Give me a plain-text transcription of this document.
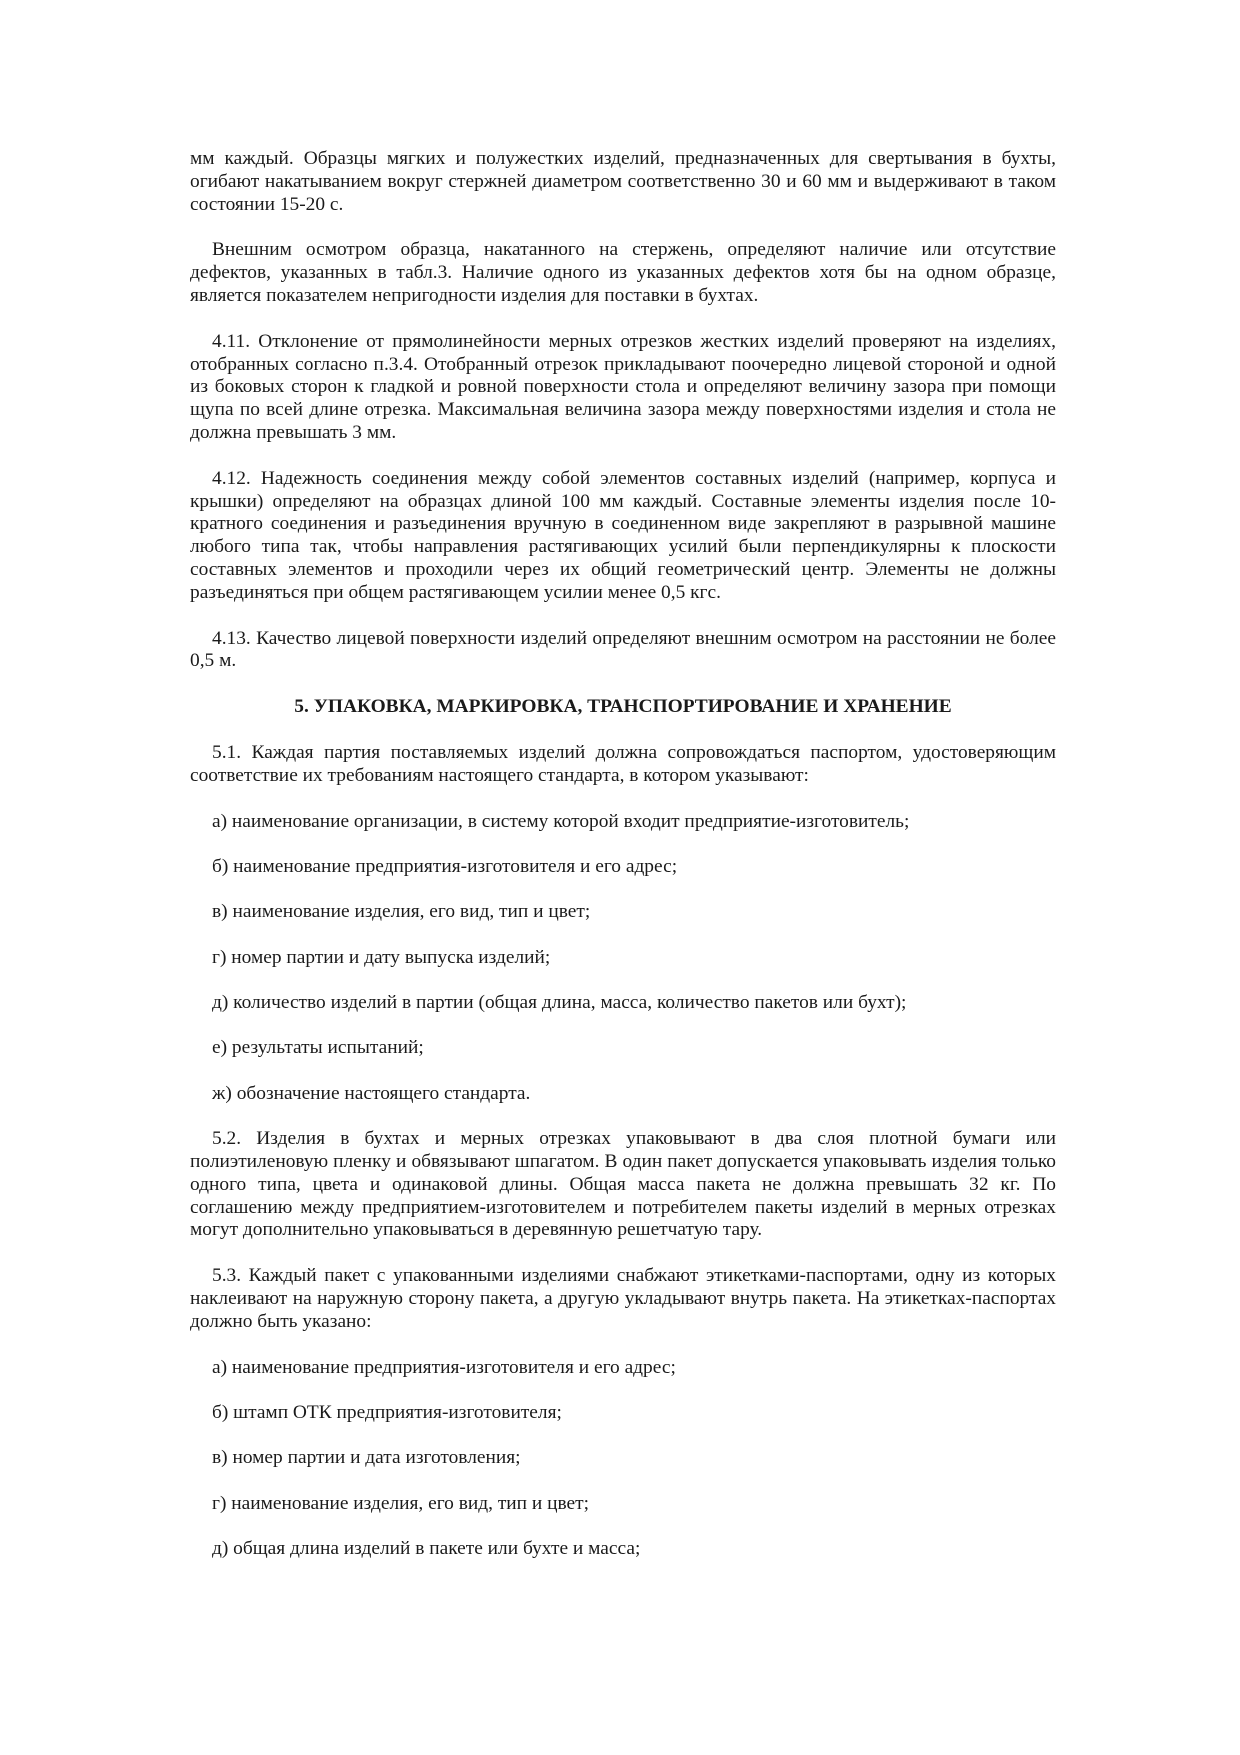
мм каждый. Образцы мягких и полужестких изделий, предназначенных для свертывания в бухты, огибают накатыванием вокруг стержней диаметром соответственно 30 и 60 мм и выдерживают в таком состоянии 15-20 с.

Внешним осмотром образца, накатанного на стержень, определяют наличие или отсутствие дефектов, указанных в табл.3. Наличие одного из указанных дефектов хотя бы на одном образце, является показателем непригодности изделия для поставки в бухтах.

4.11. Отклонение от прямолинейности мерных отрезков жестких изделий проверяют на изделиях, отобранных согласно п.3.4. Отобранный отрезок прикладывают поочередно лицевой стороной и одной из боковых сторон к гладкой и ровной поверхности стола и определяют величину зазора при помощи щупа по всей длине отрезка. Максимальная величина зазора между поверхностями изделия и стола не должна превышать 3 мм.

4.12. Надежность соединения между собой элементов составных изделий (например, корпуса и крышки) определяют на образцах длиной 100 мм каждый. Составные элементы изделия после 10-кратного соединения и разъединения вручную в соединенном виде закрепляют в разрывной машине любого типа так, чтобы направления растягивающих усилий были перпендикулярны к плоскости составных элементов и проходили через их общий геометрический центр. Элементы не должны разъединяться при общем растягивающем усилии менее 0,5 кгс.

4.13. Качество лицевой поверхности изделий определяют внешним осмотром на расстоянии не более 0,5 м.

5. УПАКОВКА, МАРКИРОВКА, ТРАНСПОРТИРОВАНИЕ И ХРАНЕНИЕ

5.1. Каждая партия поставляемых изделий должна сопровождаться паспортом, удостоверяющим соответствие их требованиям настоящего стандарта, в котором указывают:

а) наименование организации, в систему которой входит предприятие-изготовитель;

б) наименование предприятия-изготовителя и его адрес;

в) наименование изделия, его вид, тип и цвет;

г) номер партии и дату выпуска изделий;

д) количество изделий в партии (общая длина, масса, количество пакетов или бухт);

е) результаты испытаний;

ж) обозначение настоящего стандарта.

5.2. Изделия в бухтах и мерных отрезках упаковывают в два слоя плотной бумаги или полиэтиленовую пленку и обвязывают шпагатом. В один пакет допускается упаковывать изделия только одного типа, цвета и одинаковой длины. Общая масса пакета не должна превышать 32 кг. По соглашению между предприятием-изготовителем и потребителем пакеты изделий в мерных отрезках могут дополнительно упаковываться в деревянную решетчатую тару.

5.3. Каждый пакет с упакованными изделиями снабжают этикетками-паспортами, одну из которых наклеивают на наружную сторону пакета, а другую укладывают внутрь пакета. На этикетках-паспортах должно быть указано:

а) наименование предприятия-изготовителя и его адрес;

б) штамп ОТК предприятия-изготовителя;

в) номер партии и дата изготовления;

г) наименование изделия, его вид, тип и цвет;

д) общая длина изделий в пакете или бухте и масса;
